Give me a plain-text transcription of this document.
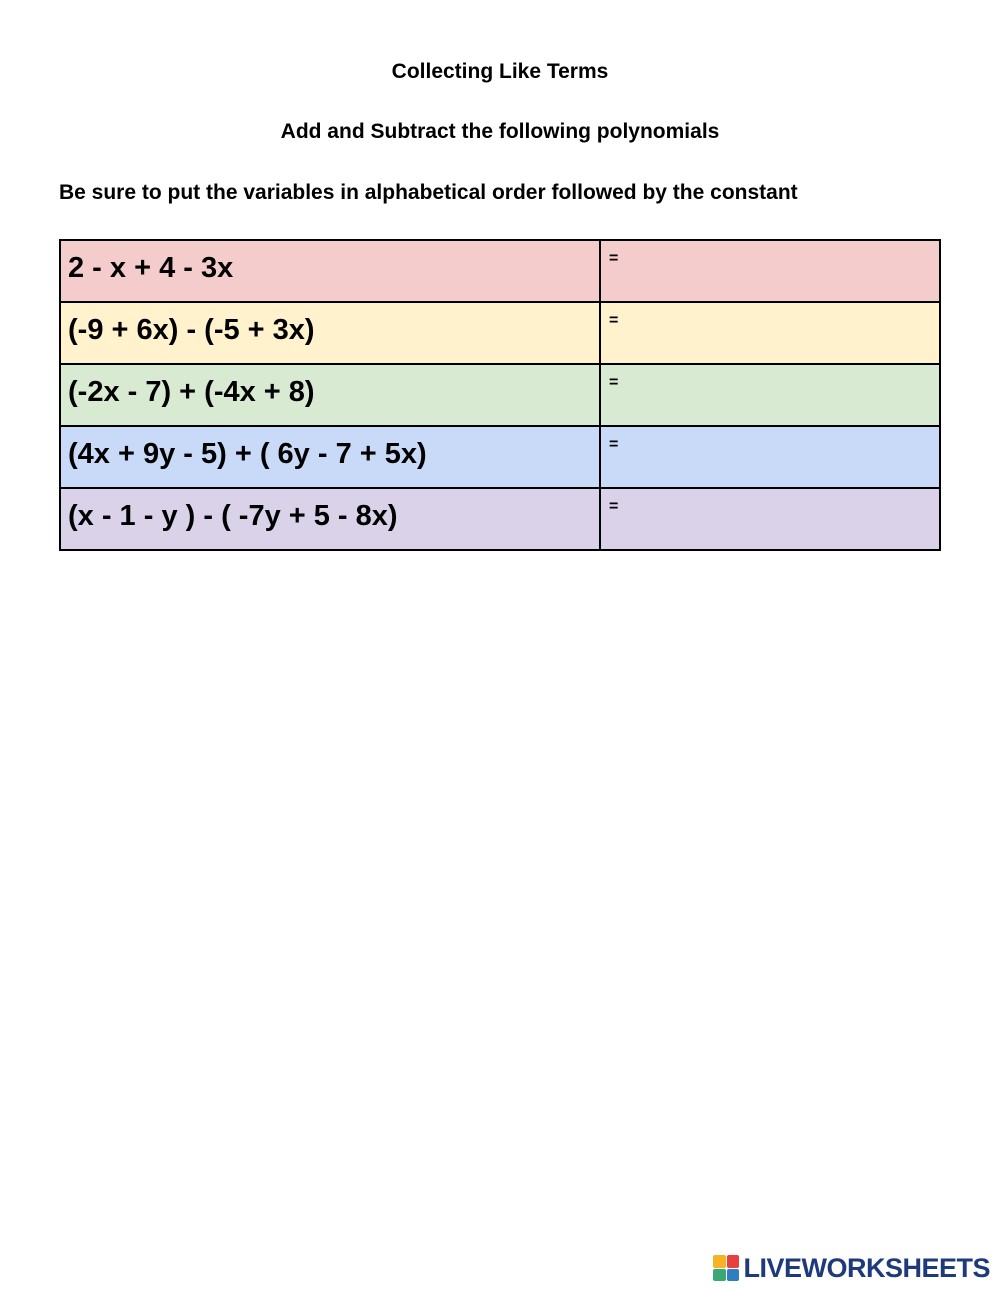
Collecting Like Terms
Add and Subtract the following polynomials
Be sure to put the variables in alphabetical order followed by the constant
2 - x + 4 - 3x	=
(-9 + 6x) - (-5 + 3x)	=
(-2x - 7) + (-4x + 8)	=
(4x + 9y - 5) + ( 6y - 7 + 5x)	=
(x - 1 - y ) - ( -7y + 5 - 8x)	=
LIVEWORKSHEETS
